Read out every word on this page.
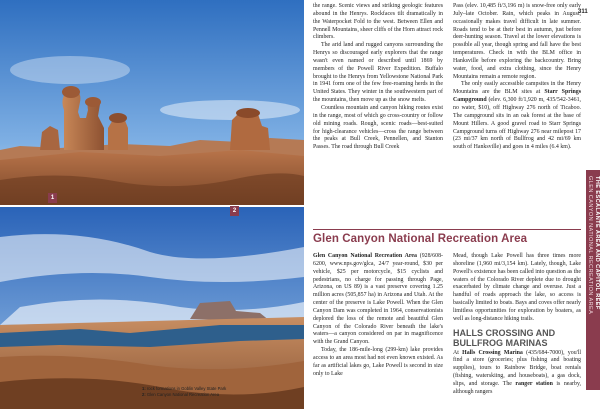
1
2
1: rock formations in Goblin Valley State Park
2: Glen Canyon National Recreation Area
311

the range. Scenic views and striking geologic features abound in the Henrys. Rockfaces tilt dramatically in the Waterpocket Fold to the west. Between Ellen and Pennell Mountains, sheer cliffs of the Horn attract rock climbers.

The arid land and rugged canyons surrounding the Henrys so discouraged early explorers that the range wasn't even named or described until 1869 by members of the Powell River Expedition. Buffalo brought to the Henrys from Yellowstone National Park in 1941 form one of the few free-roaming herds in the United States. They winter in the southwestern part of the mountains, then move up as the snow melts.

Countless mountain and canyon hiking routes exist in the range, most of which go cross-country or follow old mining roads. Rough, scenic roads—best-suited for high-clearance vehicles—cross the range between the peaks at Bull Creek, Pennellen, and Stanton Passes. The road through Bull Creek

Pass (elev. 10,485 ft/3,196 m) is snow-free only early July–late October. Rain, which peaks in August, occasionally makes travel difficult in late summer. Roads tend to be at their best in autumn, just before deer-hunting season. Travel at the lower elevations is possible all year, though spring and fall have the best temperatures. Check in with the BLM office in Hanksville before exploring the backcountry. Bring water, food, and extra clothing, since the Henry Mountains remain a remote region.

The only easily accessible campsites in the Henry Mountains are the BLM sites at Starr Springs Campground (elev. 6,300 ft/1,920 m, 435/542-3461, no water, $10), off Highway 276 north of Ticaboo. The campground sits in an oak forest at the base of Mount Hillers. A good gravel road to Starr Springs Campground turns off Highway 276 near milepost 17 (23 mi/37 km north of Bullfrog and 42 mi/69 km south of Hanksville) and goes in 4 miles (6.4 km).

Glen Canyon National Recreation Area

Glen Canyon National Recreation Area (928/608-6200, www.nps.gov/glca, 24/7 year-round, $30 per vehicle, $25 per motorcycle, $15 cyclists and pedestrians, no charge for passing through Page, Arizona, on US 89) is a vast preserve covering 1.25 million acres (505,857 ha) in Arizona and Utah. At the center of the preserve is Lake Powell. When the Glen Canyon Dam was completed in 1964, conservationists deplored the loss of the remote and beautiful Glen Canyon of the Colorado River beneath the lake's waters—a canyon considered on par in magnificence with the Grand Canyon.

Today, the 186-mile-long (299-km) lake provides access to an area most had not even known existed. As far as artificial lakes go, Lake Powell is second in size only to Lake

Mead, though Lake Powell has three times more shoreline (1,960 mi/3,154 km). Lately, though, Lake Powell's existence has been called into question as the waters of the Colorado River deplete due to drought exacerbated by climate change and overuse. Just a handful of roads approach the lake, so access is basically limited to boats. Bays and coves offer nearly limitless opportunities for exploration by boaters, as well as long-distance hiking trails.

HALLS CROSSING AND BULLFROG MARINAS

At Halls Crossing Marina (435/684-7000), you'll find a store (groceries; plus fishing and boating supplies), tours to Rainbow Bridge, boat rentals (fishing, waterskiing, and houseboats), a gas dock, slips, and storage. The ranger station is nearby, although rangers

THE ESCALANTE AREA AND CAPITOL REEF
GLEN CANYON NATIONAL RECREATION AREA
